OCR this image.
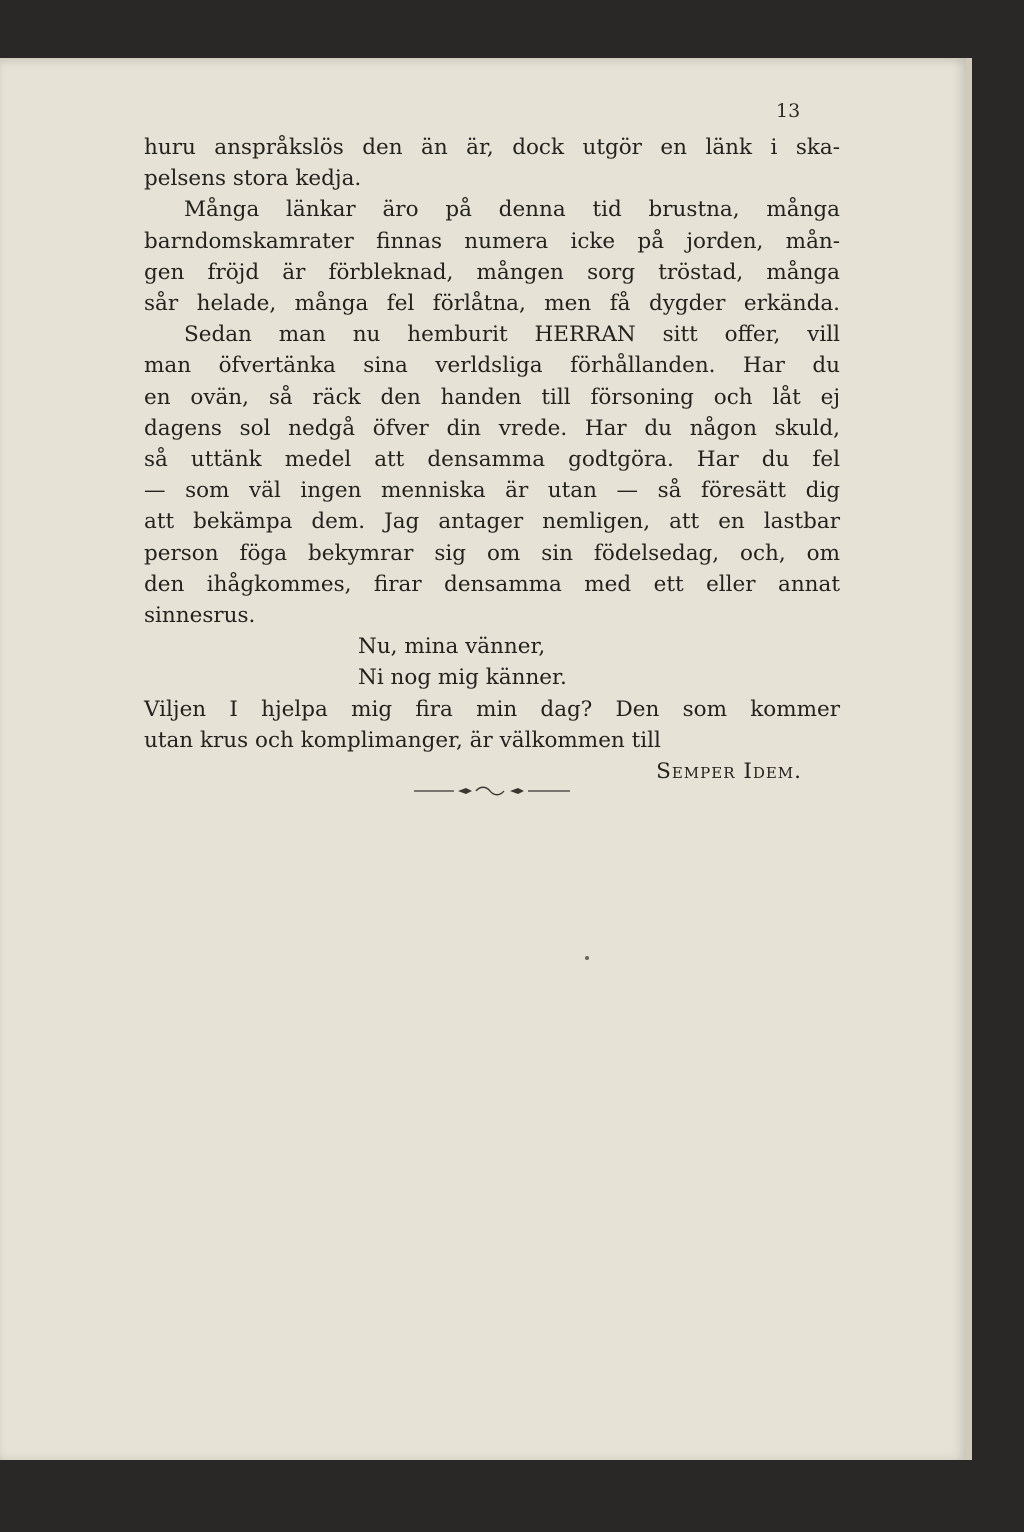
13

huru anspråkslös den än är, dock utgör en länk i ska-
pelsens stora kedja.
Många länkar äro på denna tid brustna, många
barndomskamrater finnas numera icke på jorden, mån-
gen fröjd är förbleknad, mången sorg tröstad, många
sår helade, många fel förlåtna, men få dygder erkända.
Sedan man nu hemburit HERRAN sitt offer, vill
man öfvertänka sina verldsliga förhållanden. Har du
en ovän, så räck den handen till försoning och låt ej
dagens sol nedgå öfver din vrede. Har du någon skuld,
så uttänk medel att densamma godtgöra. Har du fel
— som väl ingen menniska är utan — så föresätt dig
att bekämpa dem. Jag antager nemligen, att en lastbar
person föga bekymrar sig om sin födelsedag, och, om
den ihågkommes, firar densamma med ett eller annat
sinnesrus.
Nu, mina vänner,
Ni nog mig känner.
Viljen I hjelpa mig fira min dag? Den som kommer
utan krus och komplimanger, är välkommen till
Semper Idem.
